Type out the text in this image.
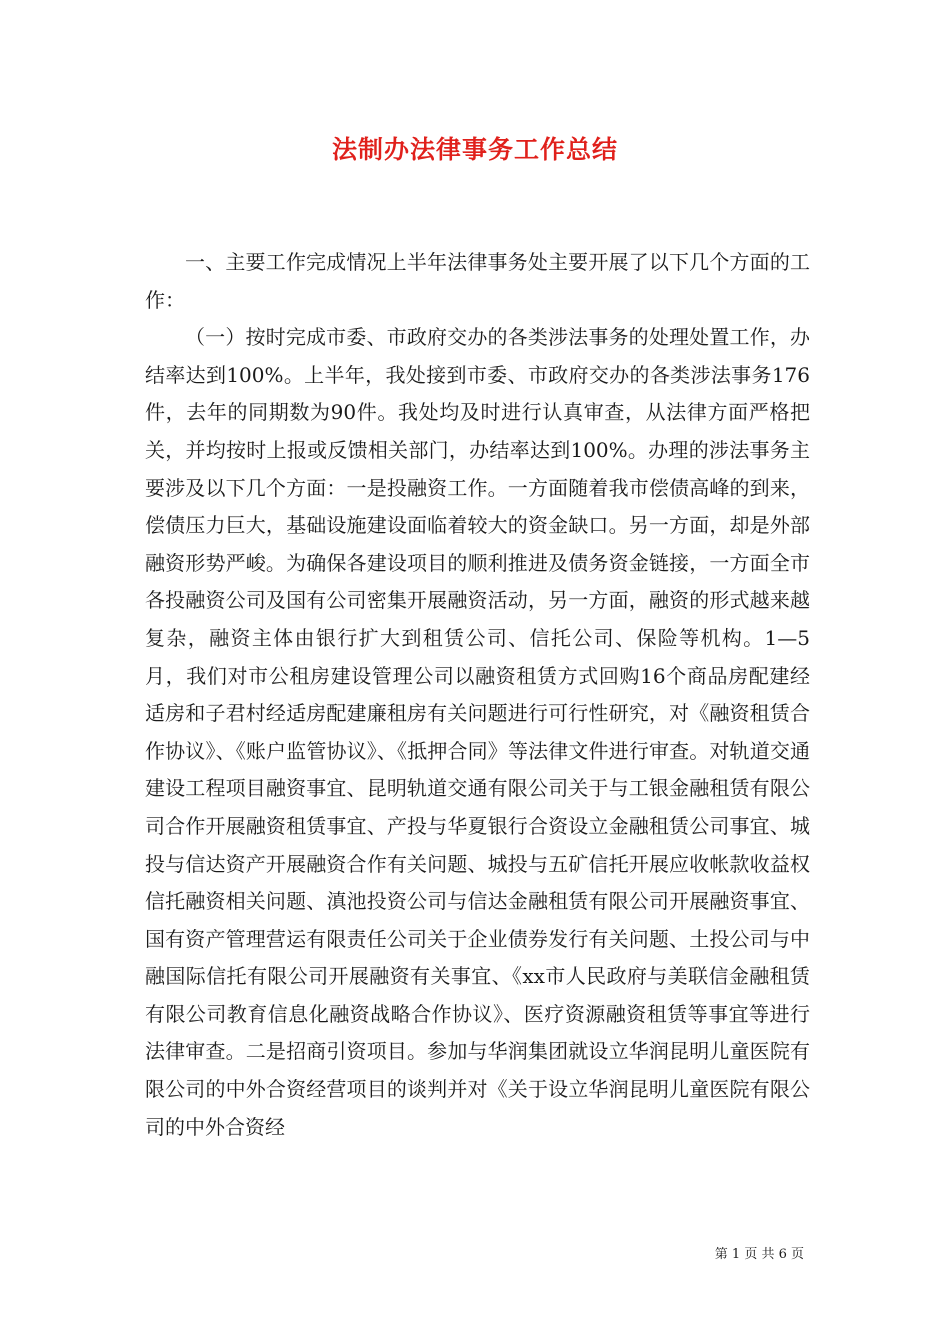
法制办法律事务工作总结

一、主要工作完成情况上半年法律事务处主要开展了以下几个方面的工作：

（一）按时完成市委、市政府交办的各类涉法事务的处理处置工作，办结率达到100%。上半年，我处接到市委、市政府交办的各类涉法事务176件，去年的同期数为90件。我处均及时进行认真审查，从法律方面严格把关，并均按时上报或反馈相关部门，办结率达到100%。办理的涉法事务主要涉及以下几个方面：一是投融资工作。一方面随着我市偿债高峰的到来，偿债压力巨大，基础设施建设面临着较大的资金缺口。另一方面，却是外部融资形势严峻。为确保各建设项目的顺利推进及债务资金链接，一方面全市各投融资公司及国有公司密集开展融资活动，另一方面，融资的形式越来越复杂，融资主体由银行扩大到租赁公司、信托公司、保险等机构。1—5月，我们对市公租房建设管理公司以融资租赁方式回购16个商品房配建经适房和子君村经适房配建廉租房有关问题进行可行性研究，对《融资租赁合作协议》、《账户监管协议》、《抵押合同》等法律文件进行审查。对轨道交通建设工程项目融资事宜、昆明轨道交通有限公司关于与工银金融租赁有限公司合作开展融资租赁事宜、产投与华夏银行合资设立金融租赁公司事宜、城投与信达资产开展融资合作有关问题、城投与五矿信托开展应收帐款收益权信托融资相关问题、滇池投资公司与信达金融租赁有限公司开展融资事宜、国有资产管理营运有限责任公司关于企业债券发行有关问题、土投公司与中融国际信托有限公司开展融资有关事宜、《xx市人民政府与美联信金融租赁有限公司教育信息化融资战略合作协议》、医疗资源融资租赁等事宜等进行法律审查。二是招商引资项目。参加与华润集团就设立华润昆明儿童医院有限公司的中外合资经营项目的谈判并对《关于设立华润昆明儿童医院有限公司的中外合资经

第 1 页 共 6 页
